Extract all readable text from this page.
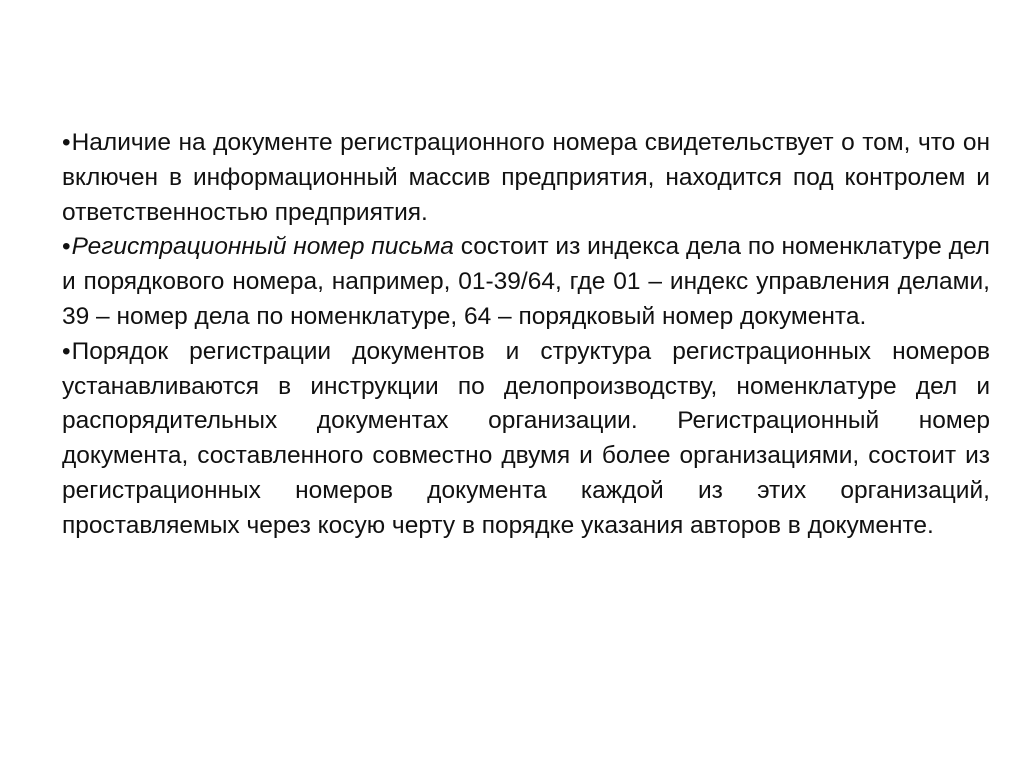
•Наличие на документе регистрационного номера свидетельствует о том, что он включен в информационный массив предприятия, находится под контролем и ответственностью предприятия.

•Регистрационный номер письма состоит из индекса дела по номенклатуре дел и порядкового номера, например, 01-39/64, где 01 – индекс управления делами, 39 – номер дела по номенклатуре, 64 – порядковый номер документа.

•Порядок регистрации документов и структура регистрационных номеров устанавливаются в инструкции по делопроизводству, номенклатуре дел и распорядительных документах организации. Регистрационный номер документа, составленного совместно двумя и более организациями, состоит из регистрационных номеров документа каждой из этих организаций, проставляемых через косую черту в порядке указания авторов в документе.
